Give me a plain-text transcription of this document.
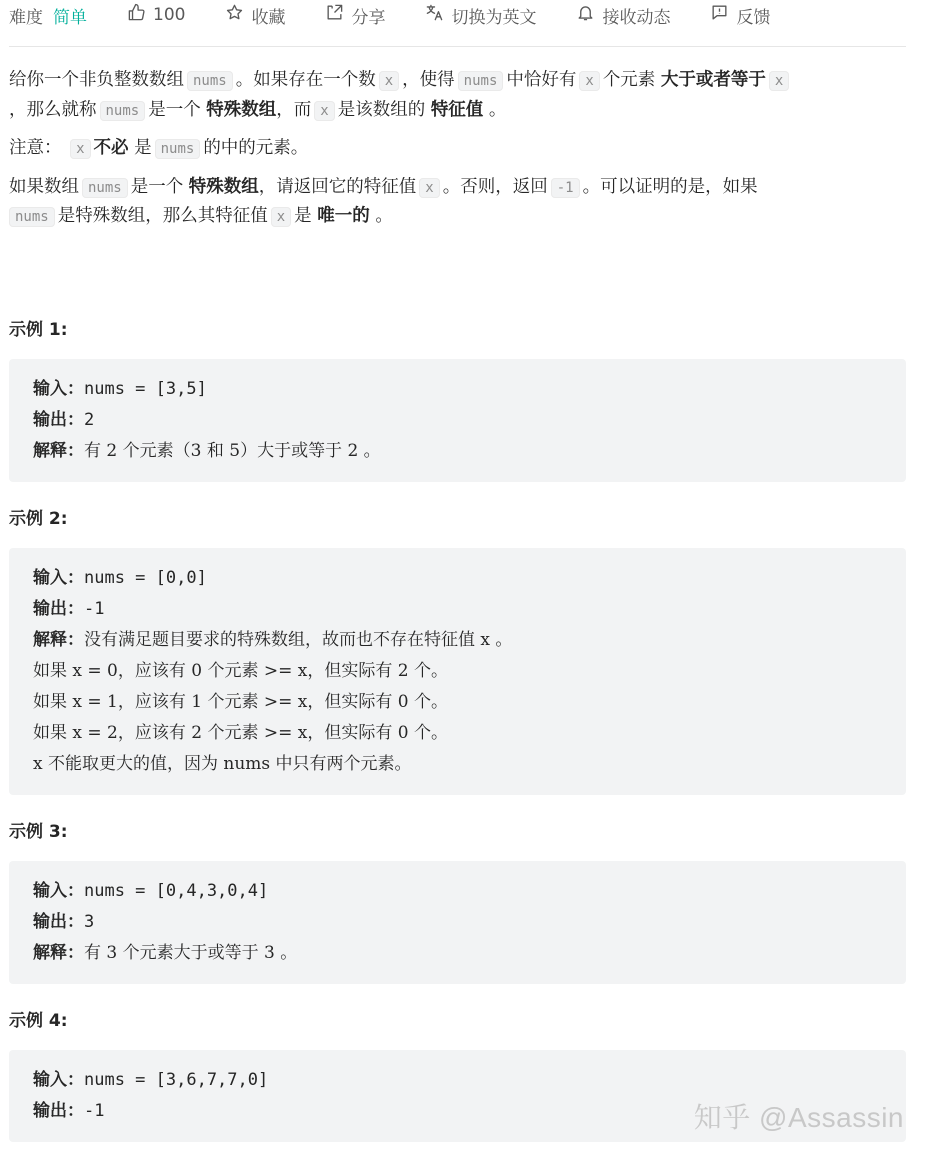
难度 简单	100	收藏	分享	切换为英文	接收动态	反馈

给你一个非负整数数组 nums 。如果存在一个数 x ，使得 nums 中恰好有 x 个元素 大于或者等于 x
，那么就称 nums 是一个 特殊数组，而 x 是该数组的 特征值 。

注意： x 不必 是 nums 的中的元素。

如果数组 nums 是一个 特殊数组，请返回它的特征值 x 。否则，返回 -1 。可以证明的是，如果
nums 是特殊数组，那么其特征值 x 是 唯一的 。

示例 1:
输入：nums = [3,5]
输出：2
解释：有 2 个元素（3 和 5）大于或等于 2 。
示例 2:
输入：nums = [0,0]
输出：-1
解释：没有满足题目要求的特殊数组，故而也不存在特征值 x 。
如果 x = 0，应该有 0 个元素 >= x，但实际有 2 个。
如果 x = 1，应该有 1 个元素 >= x，但实际有 0 个。
如果 x = 2，应该有 2 个元素 >= x，但实际有 0 个。
x 不能取更大的值，因为 nums 中只有两个元素。
示例 3:
输入：nums = [0,4,3,0,4]
输出：3
解释：有 3 个元素大于或等于 3 。
示例 4:
输入：nums = [3,6,7,7,0]
输出：-1	知乎 @Assassin
